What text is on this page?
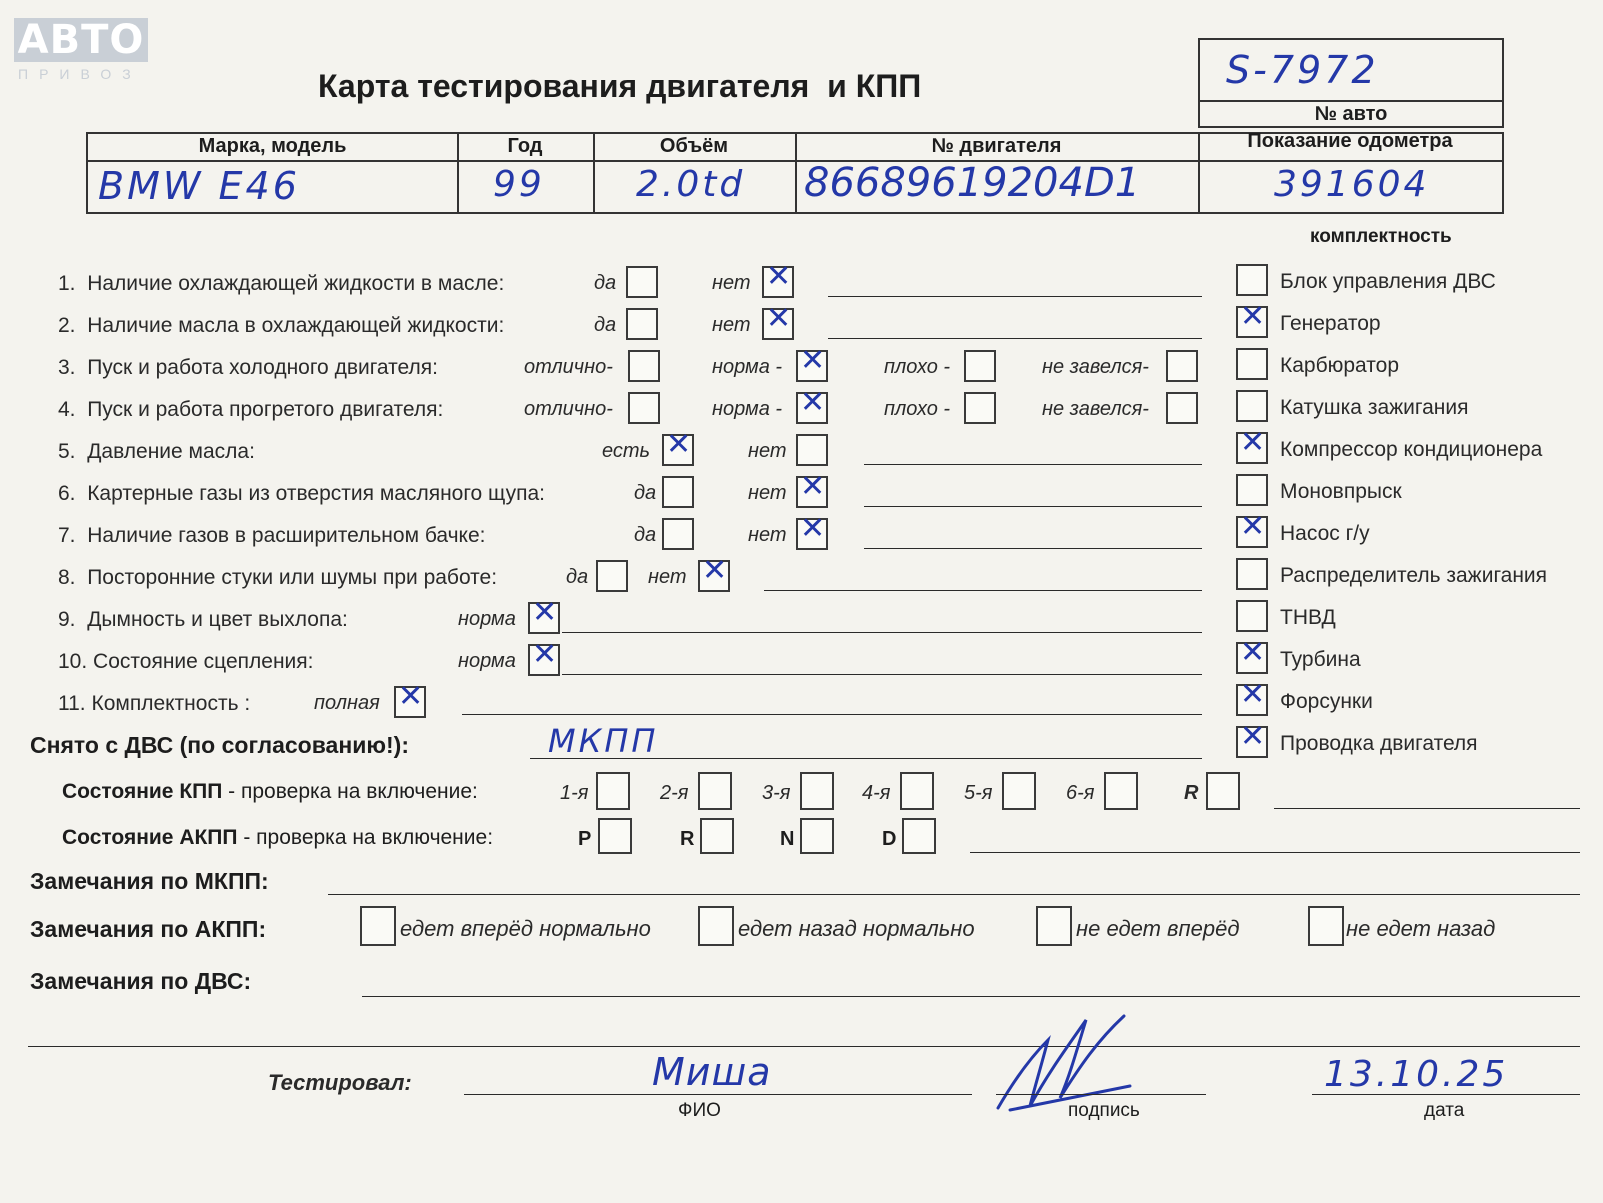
АВТО
ПРИВОЗ	Карта тестирования двигателя  и КПП	S-7972
№ авто
Марка, модель	Год	Объём	№ двигателя	Показание одометра
BMW E46	99	2.0td 86689619204D1	391604
комплектность
1. Наличие охлаждающей жидкости в масле:	да	нет ✕
2. Наличие масла в охлаждающей жидкости:	да	нет ✕
3. Пуск и работа холодного двигателя:	отлично-	норма - ✕	плохо -	не завелся-
4. Пуск и работа прогретого двигателя:	отлично-	норма - ✕	плохо -	не завелся-
5. Давление масла:	есть ✕	нет
6. Картерные газы из отверстия масляного щупа:	да	нет ✕
7. Наличие газов в расширительном бачке:	да	нет ✕
8. Посторонние стуки или шумы при работе:	да	нет ✕
9. Дымность и цвет выхлопа:	норма ✕
10. Состояние сцепления:	норма ✕
11. Комплектность :	полная ✕
Блок управления ДВС
✕ Генератор
Карбюратор
Катушка зажигания
✕ Компрессор кондиционера
Моновпрыск
✕ Насос г/у
Распределитель зажигания
ТНВД
✕ Турбина
✕ Форсунки
✕ Проводка двигателя
Снято с ДВС (по согласованию!):	МКПП
Состояние КПП - проверка на включение:	1-я	2-я	3-я	4-я	5-я	6-я	R
Состояние АКПП - проверка на включение:	P	R	N	D
Замечания по МКПП:
Замечания по АКПП:	едет вперёд нормально	едет назад нормально	не едет вперёд	не едет назад
Замечания по ДВС:
Тестировал:	Миша
ФИО	подпись
13.10.25
дата
